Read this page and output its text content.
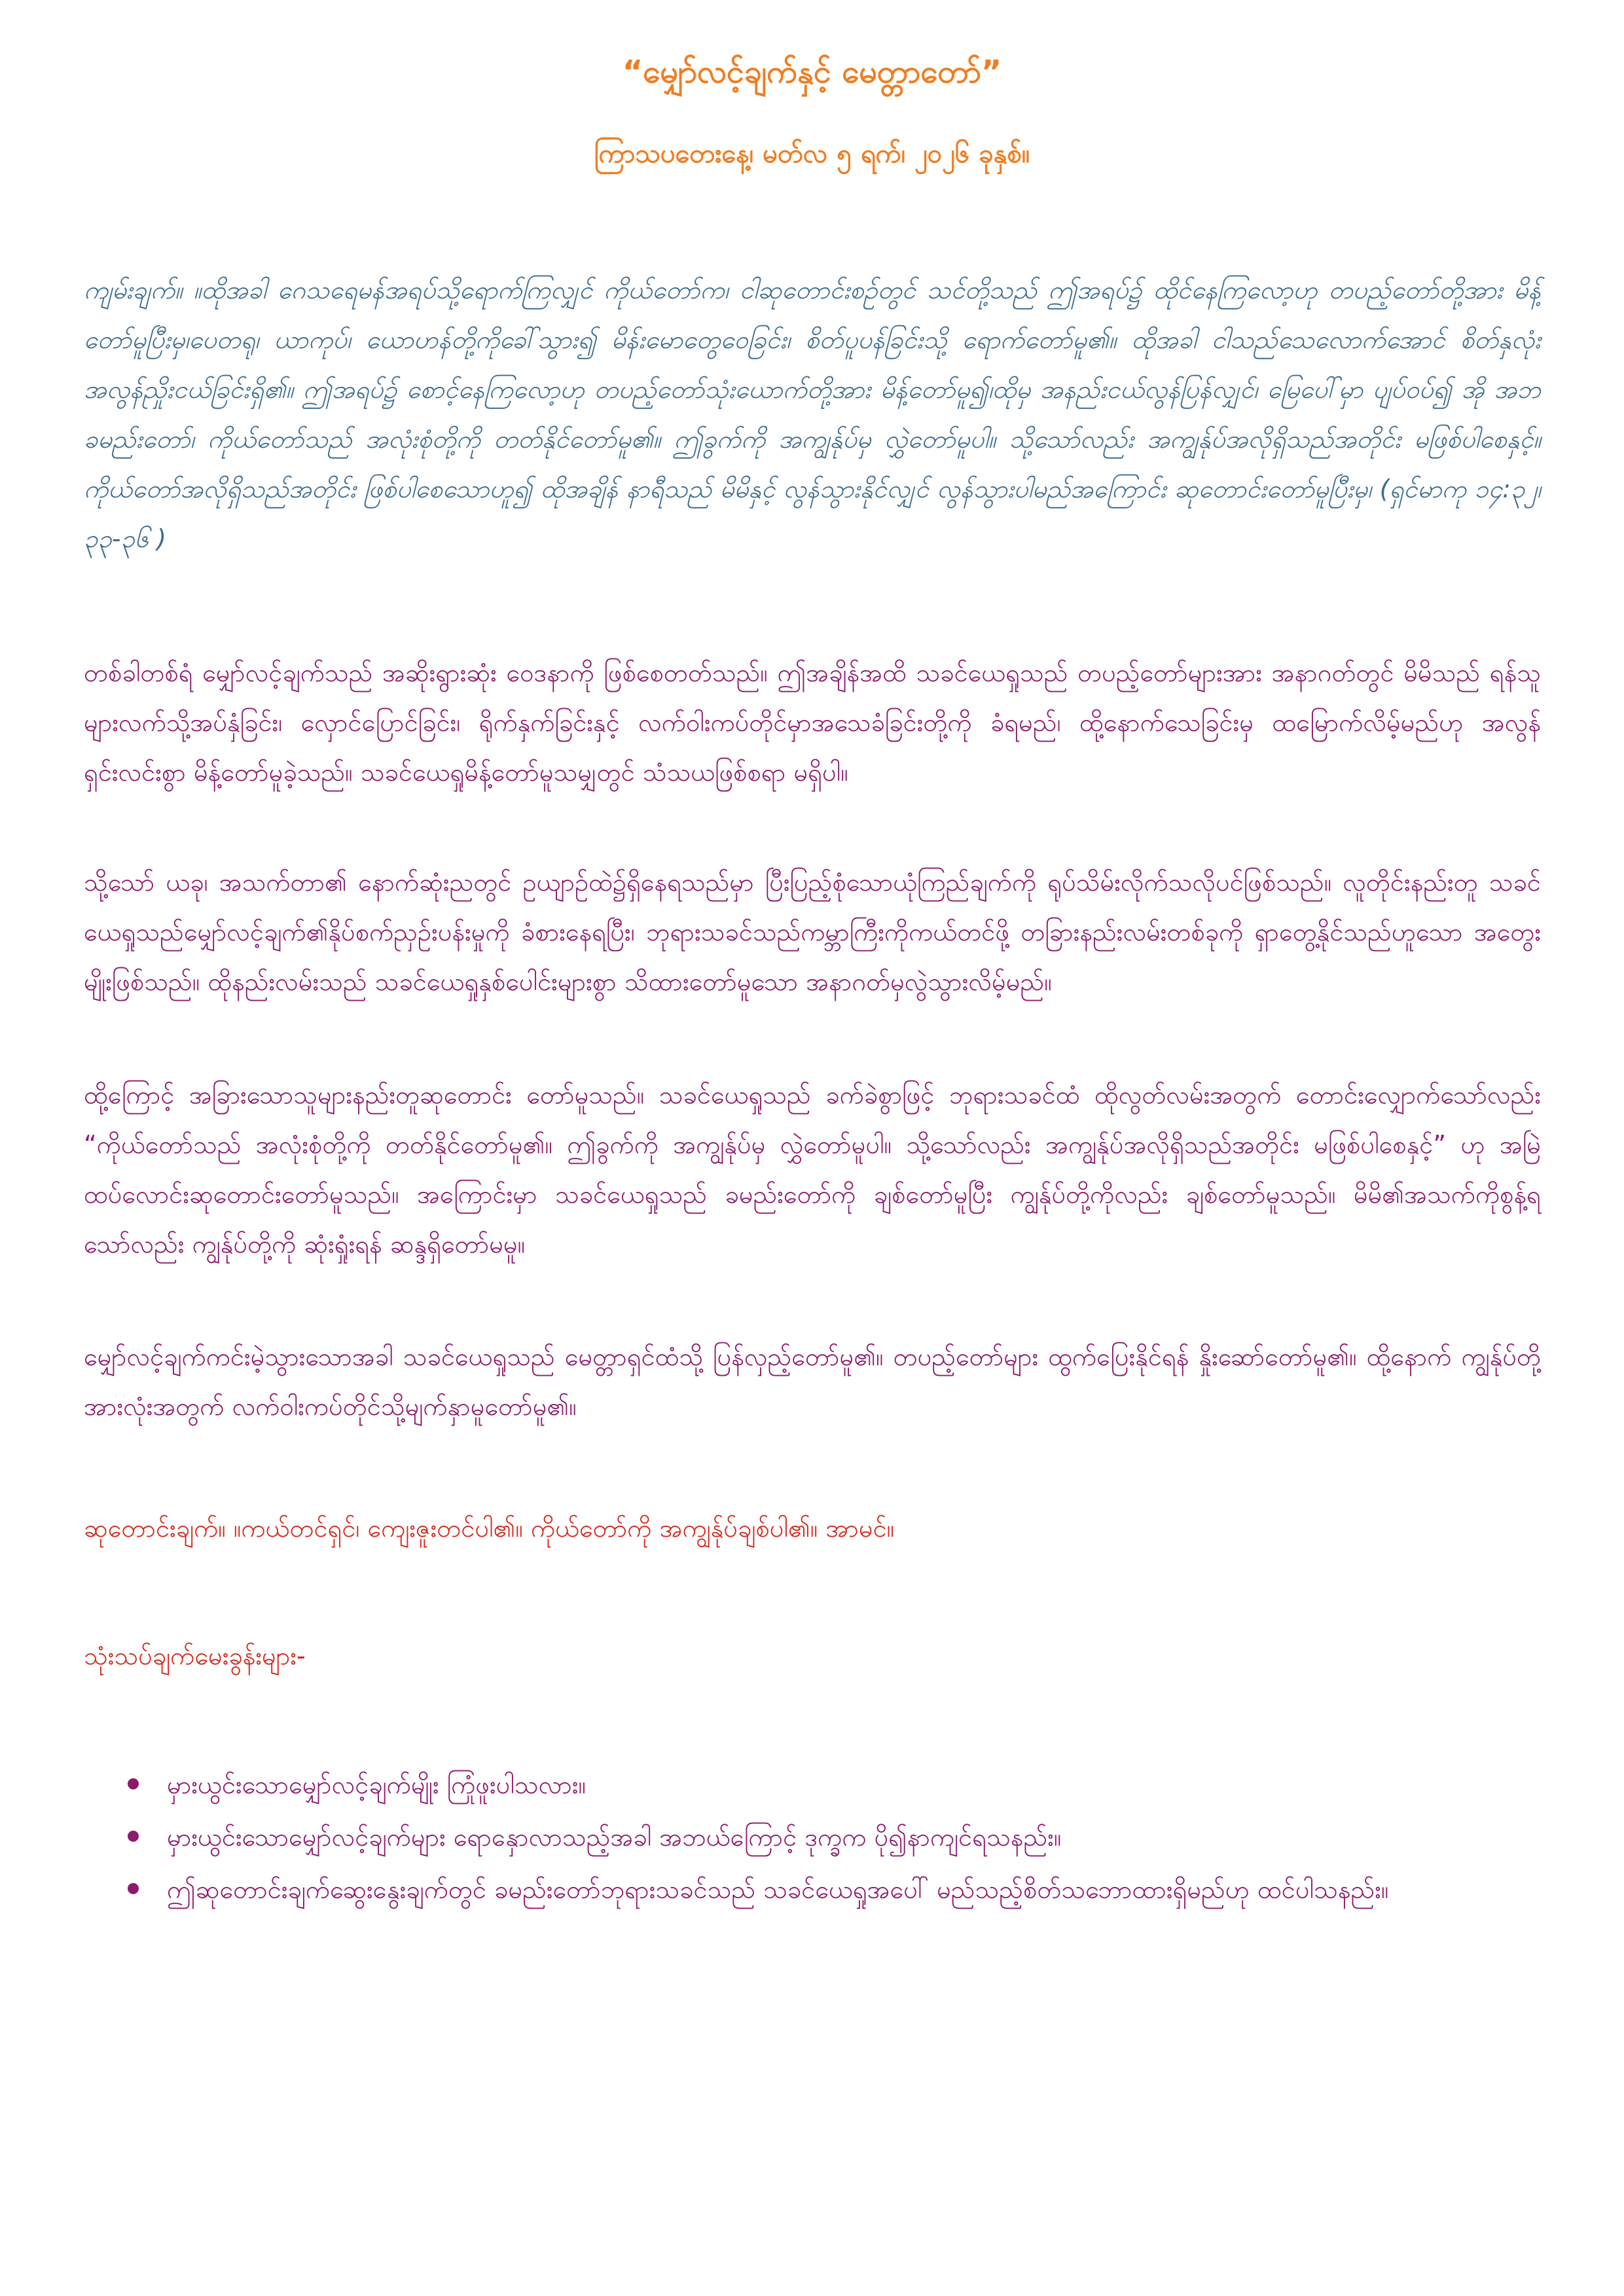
“မျှော်လင့်ချက်နှင့် မေတ္တာတော်”
ကြာသပတေးနေ့၊ မတ်လ ၅ ရက်၊ ၂၀၂၆ ခုနှစ်။
ကျမ်းချက်။ ။ထိုအခါ ဂေသရေမန်အရပ်သို့ရောက်ကြလျှင် ကိုယ်တော်က၊ ငါဆုတောင်းစဉ်တွင် သင်တို့သည် ဤအရပ်၌ ထိုင်နေကြလော့ဟု တပည့်တော်တို့အား မိန့်တော်မူပြီးမှ၊ပေတရု၊ ယာကုပ်၊ ယောဟန်တို့ကိုခေါ်သွား၍ မိန်းမောတွေဝေခြင်း၊ စိတ်ပူပန်ခြင်းသို့ ရောက်တော်မူ၏။ ထိုအခါ ငါသည်သေလောက်အောင် စိတ်နှလုံး အလွန်ညှိုးငယ်ခြင်းရှိ၏။ ဤအရပ်၌ စောင့်နေကြလော့ဟု တပည့်တော်သုံးယောက်တို့အား မိန့်တော်မူ၍၊ထိုမှ အနည်းငယ်လွန်ပြန်လျှင်၊ မြေပေါ်မှာ ပျပ်ဝပ်၍ အို အဘခမည်းတော်၊ ကိုယ်တော်သည် အလုံးစုံတို့ကို တတ်နိုင်တော်မူ၏။ ဤခွက်ကို အကျွန်ုပ်မှ လွှဲတော်မူပါ။ သို့သော်လည်း အကျွန်ုပ်အလိုရှိသည်အတိုင်း မဖြစ်ပါစေနှင့်။ ကိုယ်တော်အလိုရှိသည်အတိုင်း ဖြစ်ပါစေသောဟူ၍ ထိုအချိန် နာရီသည် မိမိနှင့် လွန်သွားနိုင်လျှင် လွန်သွားပါမည်အကြောင်း ဆုတောင်းတော်မူပြီးမှ၊ (ရှင်မာကု ၁၄:၃၂၊ ၃၃-၃၆ )
တစ်ခါတစ်ရံ မျှော်လင့်ချက်သည် အဆိုးရွားဆုံး ဝေဒနာကို ဖြစ်စေတတ်သည်။ ဤအချိန်အထိ သခင်ယေရှုသည် တပည့်တော်များအား အနာဂတ်တွင် မိမိသည် ရန်သူများလက်သို့အပ်နှံခြင်း၊ လှောင်ပြောင်ခြင်း၊ ရိုက်နှက်ခြင်းနှင့် လက်ဝါးကပ်တိုင်မှာအသေခံခြင်းတို့ကို ခံရမည်၊ ထို့နောက်သေခြင်းမှ ထမြောက်လိမ့်မည်ဟု အလွန်ရှင်းလင်းစွာ မိန့်တော်မူခဲ့သည်။ သခင်ယေရှုမိန့်တော်မူသမျှတွင် သံသယဖြစ်စရာ မရှိပါ။
သို့သော် ယခု၊ အသက်တာ၏ နောက်ဆုံးညတွင် ဥယျာဉ်ထဲ၌ရှိနေရသည်မှာ ပြီးပြည့်စုံသောယုံကြည်ချက်ကို ရုပ်သိမ်းလိုက်သလိုပင်ဖြစ်သည်။ လူတိုင်းနည်းတူ သခင်ယေရှုသည်မျှော်လင့်ချက်၏နိုပ်စက်ညှဉ်းပန်းမှုကို ခံစားနေရပြီး၊ ဘုရားသခင်သည်ကမ္ဘာကြီးကိုကယ်တင်ဖို့ တခြားနည်းလမ်းတစ်ခုကို ရှာတွေ့နိုင်သည်ဟူသော အတွေးမျိုးဖြစ်သည်။ ထိုနည်းလမ်းသည် သခင်ယေရှုနှစ်ပေါင်းများစွာ သိထားတော်မူသော အနာဂတ်မှလွဲသွားလိမ့်မည်။
ထို့ကြောင့် အခြားသောသူများနည်းတူဆုတောင်း တော်မူသည်။ သခင်ယေရှုသည် ခက်ခဲစွာဖြင့် ဘုရားသခင်ထံ ထိုလွတ်လမ်းအတွက် တောင်းလျှောက်သော်လည်း “ကိုယ်တော်သည် အလုံးစုံတို့ကို တတ်နိုင်တော်မူ၏။ ဤခွက်ကို အကျွန်ုပ်မှ လွှဲတော်မူပါ။ သို့သော်လည်း အကျွန်ုပ်အလိုရှိသည်အတိုင်း မဖြစ်ပါစေနှင့်” ဟု အမြဲထပ်လောင်းဆုတောင်းတော်မူသည်။ အကြောင်းမှာ သခင်ယေရှုသည် ခမည်းတော်ကို ချစ်တော်မူပြီး ကျွန်ုပ်တို့ကိုလည်း ချစ်တော်မူသည်။ မိမိ၏အသက်ကိုစွန့်ရသော်လည်း ကျွန်ုပ်တို့ကို ဆုံးရှုံးရန် ဆန္ဒရှိတော်မမူ။
မျှော်လင့်ချက်ကင်းမဲ့သွားသောအခါ သခင်ယေရှုသည် မေတ္တာရှင်ထံသို့ ပြန်လှည့်တော်မူ၏။ တပည့်တော်များ ထွက်ပြေးနိုင်ရန် နှိုးဆော်တော်မူ၏။ ထို့နောက် ကျွန်ုပ်တို့အားလုံးအတွက် လက်ဝါးကပ်တိုင်သို့မျက်နှာမူတော်မူ၏။
ဆုတောင်းချက်။ ။ကယ်တင်ရှင်၊ ကျေးဇူးတင်ပါ၏။ ကိုယ်တော်ကို အကျွန်ုပ်ချစ်ပါ၏။ အာမင်။
သုံးသပ်ချက်မေးခွန်းများ-
မှားယွင်းသောမျှော်လင့်ချက်မျိုး ကြုံဖူးပါသလား။
မှားယွင်းသောမျှော်လင့်ချက်များ ရောနှောလာသည့်အခါ အဘယ်ကြောင့် ဒုက္ခက ပို၍နာကျင်ရသနည်း။
ဤဆုတောင်းချက်ဆွေးနွေးချက်တွင် ခမည်းတော်ဘုရားသခင်သည် သခင်ယေရှုအပေါ် မည်သည့်စိတ်သဘောထားရှိမည်ဟု ထင်ပါသနည်း။
